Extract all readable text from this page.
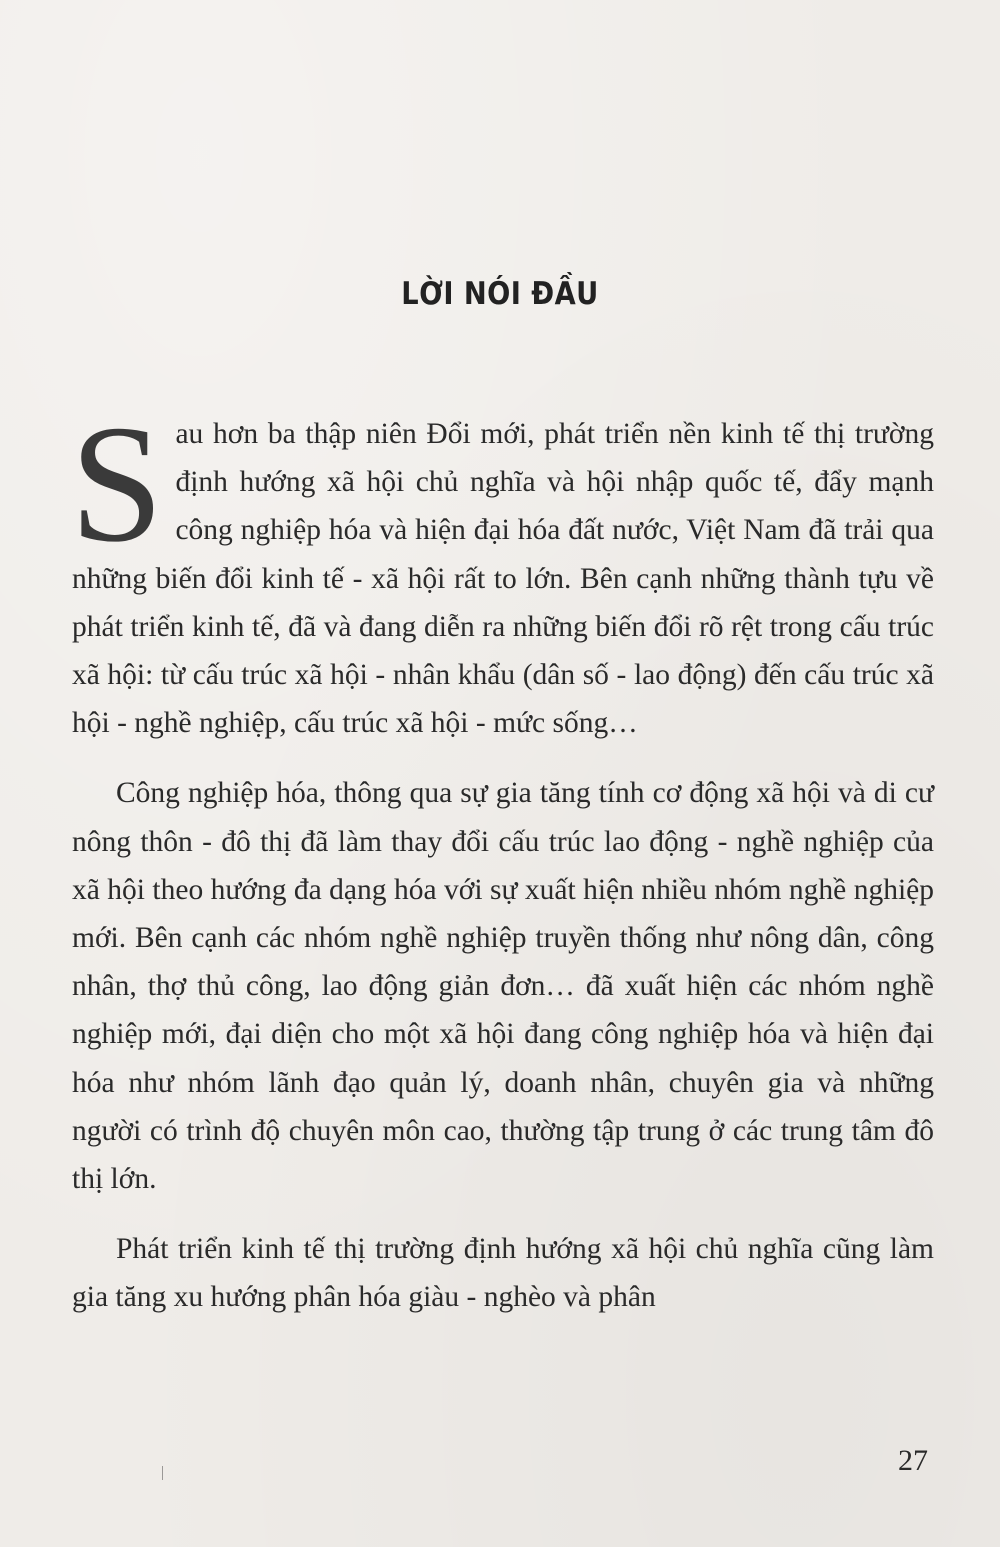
LỜI NÓI ĐẦU

Sau hơn ba thập niên Đổi mới, phát triển nền kinh tế thị trường định hướng xã hội chủ nghĩa và hội nhập quốc tế, đẩy mạnh công nghiệp hóa và hiện đại hóa đất nước, Việt Nam đã trải qua những biến đổi kinh tế - xã hội rất to lớn. Bên cạnh những thành tựu về phát triển kinh tế, đã và đang diễn ra những biến đổi rõ rệt trong cấu trúc xã hội: từ cấu trúc xã hội - nhân khẩu (dân số - lao động) đến cấu trúc xã hội - nghề nghiệp, cấu trúc xã hội - mức sống…

Công nghiệp hóa, thông qua sự gia tăng tính cơ động xã hội và di cư nông thôn - đô thị đã làm thay đổi cấu trúc lao động - nghề nghiệp của xã hội theo hướng đa dạng hóa với sự xuất hiện nhiều nhóm nghề nghiệp mới. Bên cạnh các nhóm nghề nghiệp truyền thống như nông dân, công nhân, thợ thủ công, lao động giản đơn… đã xuất hiện các nhóm nghề nghiệp mới, đại diện cho một xã hội đang công nghiệp hóa và hiện đại hóa như nhóm lãnh đạo quản lý, doanh nhân, chuyên gia và những người có trình độ chuyên môn cao, thường tập trung ở các trung tâm đô thị lớn.

Phát triển kinh tế thị trường định hướng xã hội chủ nghĩa cũng làm gia tăng xu hướng phân hóa giàu - nghèo và phân

27
